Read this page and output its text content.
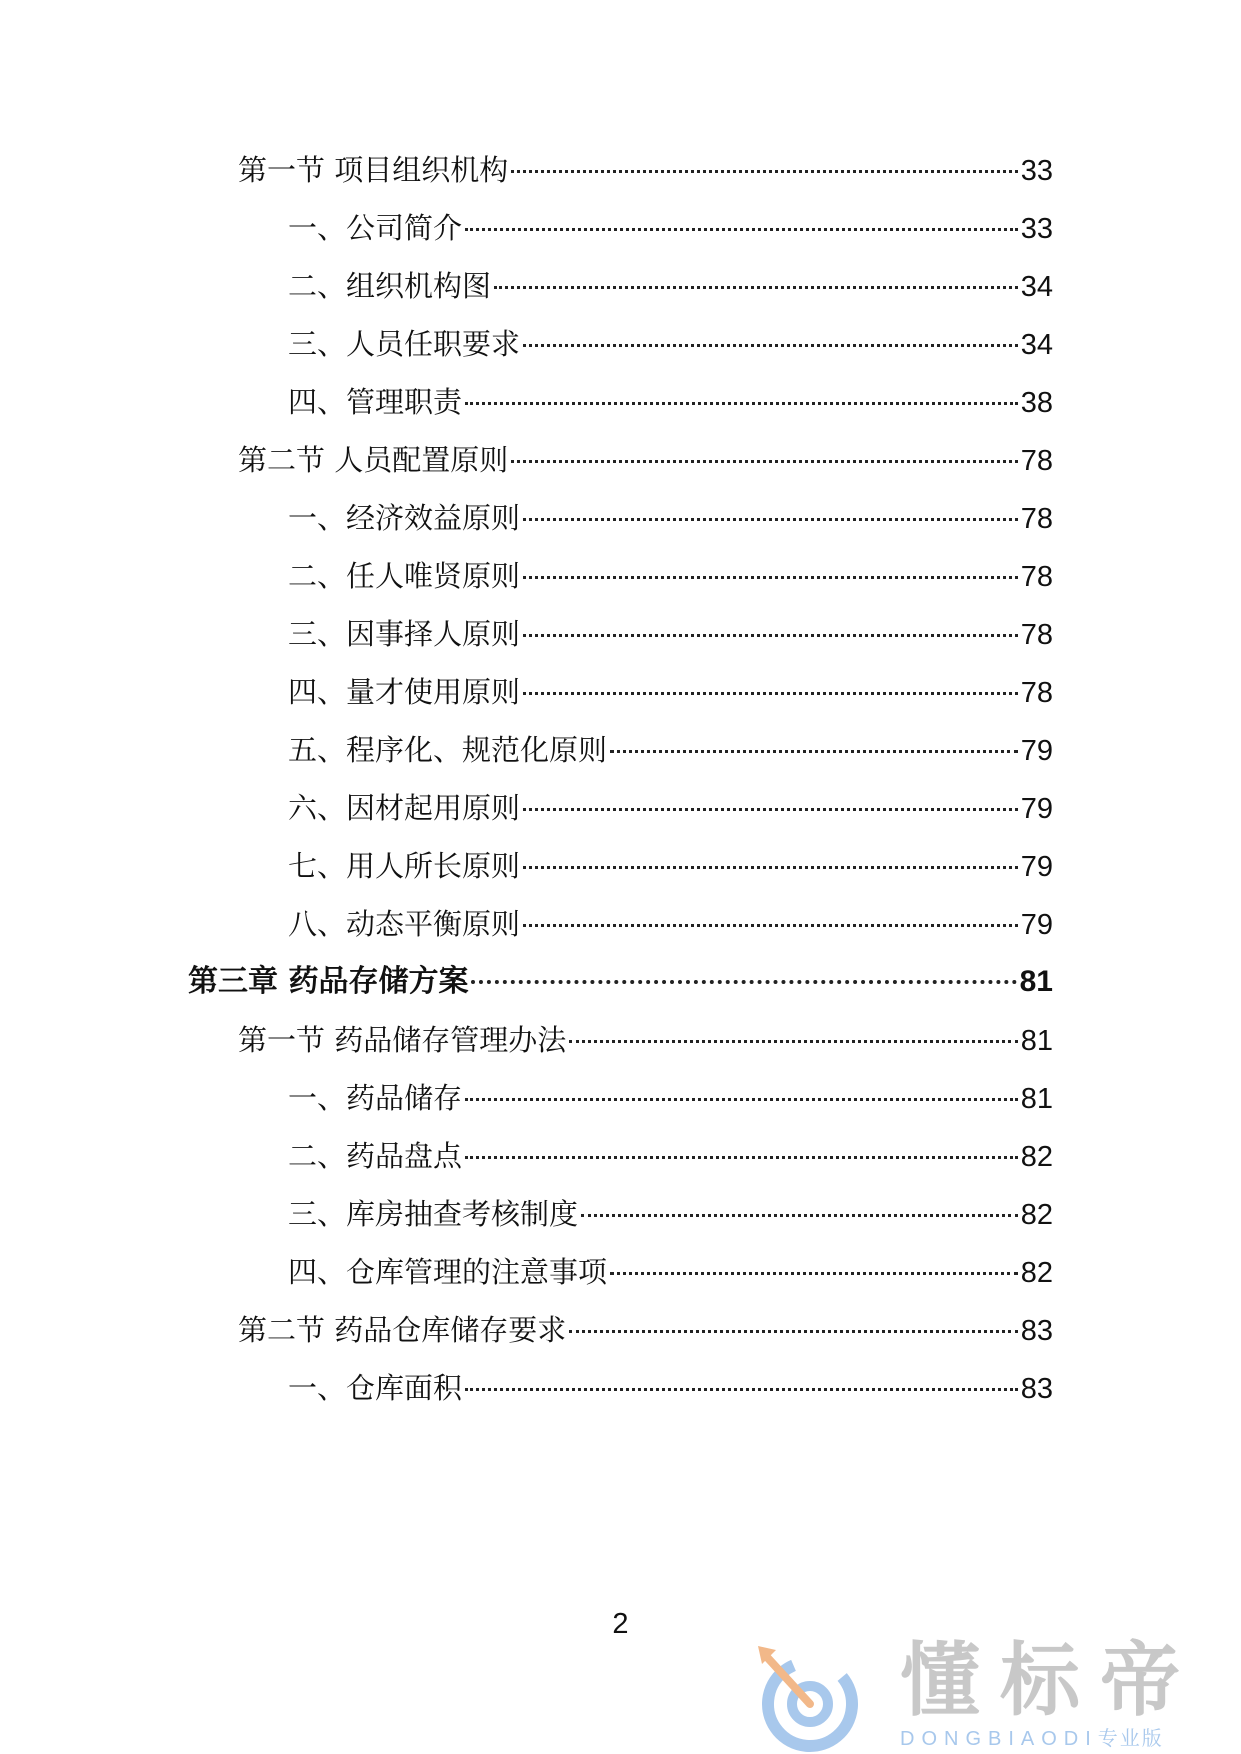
第一节 项目组织机构	33
一、公司简介	33
二、组织机构图	34
三、人员任职要求	34
四、管理职责	38
第二节 人员配置原则	78
一、经济效益原则	78
二、任人唯贤原则	78
三、因事择人原则	78
四、量才使用原则	78
五、程序化、规范化原则	79
六、因材起用原则	79
七、用人所长原则	79
八、动态平衡原则	79
第三章 药品存储方案	81
第一节 药品储存管理办法	81
一、药品储存	81
二、药品盘点	82
三、库房抽查考核制度	82
四、仓库管理的注意事项	82
第二节 药品仓库储存要求	83
一、仓库面积	83
2
懂标帝
DONGBIAODI专业版
